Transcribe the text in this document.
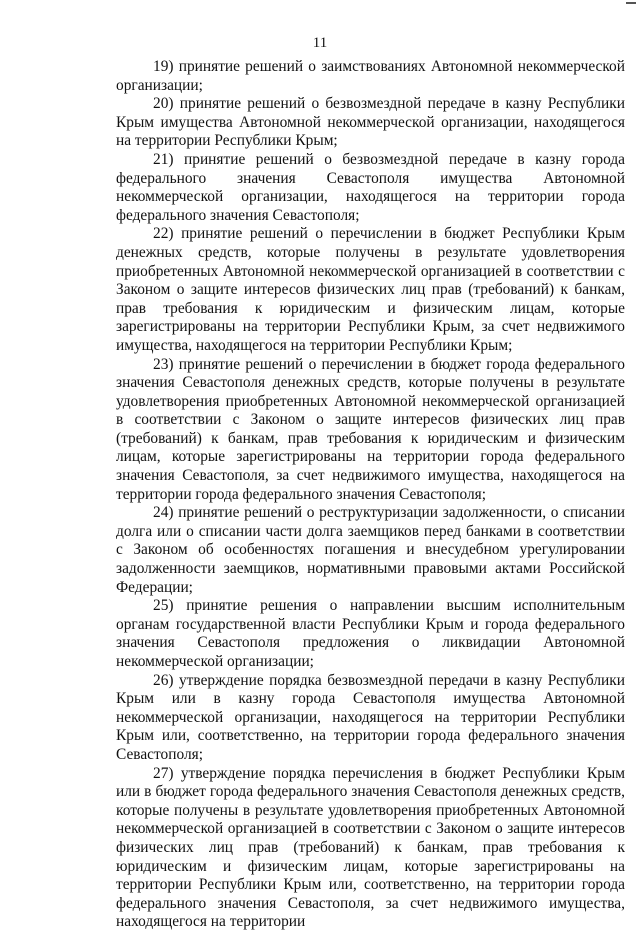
11

19) принятие решений о заимствованиях Автономной некоммерческой организации;

20) принятие решений о безвозмездной передаче в казну Республики Крым имущества Автономной некоммерческой организации, находящегося на территории Республики Крым;

21) принятие решений о безвозмездной передаче в казну города федерального значения Севастополя имущества Автономной некоммерческой организации, находящегося на территории города федерального значения Севастополя;

22) принятие решений о перечислении в бюджет Республики Крым денежных средств, которые получены в результате удовлетворения приобретенных Автономной некоммерческой организацией в соответствии с Законом о защите интересов физических лиц прав (требований) к банкам, прав требования к юридическим и физическим лицам, которые зарегистрированы на территории Республики Крым, за счет недвижимого имущества, находящегося на территории Республики Крым;

23) принятие решений о перечислении в бюджет города федерального значения Севастополя денежных средств, которые получены в результате удовлетворения приобретенных Автономной некоммерческой организацией в соответствии с Законом о защите интересов физических лиц прав (требований) к банкам, прав требования к юридическим и физическим лицам, которые зарегистрированы на территории города федерального значения Севастополя, за счет недвижимого имущества, находящегося на территории города федерального значения Севастополя;

24) принятие решений о реструктуризации задолженности, о списании долга или о списании части долга заемщиков перед банками в соответствии с Законом об особенностях погашения и внесудебном урегулировании задолженности заемщиков, нормативными правовыми актами Российской Федерации;

25) принятие решения о направлении высшим исполнительным органам государственной власти Республики Крым и города федерального значения Севастополя предложения о ликвидации Автономной некоммерческой организации;

26) утверждение порядка безвозмездной передачи в казну Республики Крым или в казну города Севастополя имущества Автономной некоммерческой организации, находящегося на территории Республики Крым или, соответственно, на территории города федерального значения Севастополя;

27) утверждение порядка перечисления в бюджет Республики Крым или в бюджет города федерального значения Севастополя денежных средств, которые получены в результате удовлетворения приобретенных Автономной некоммерческой организацией в соответствии с Законом о защите интересов физических лиц прав (требований) к банкам, прав требования к юридическим и физическим лицам, которые зарегистрированы на территории Республики Крым или, соответственно, на территории города федерального значения Севастополя, за счет недвижимого имущества, находящегося на территории
